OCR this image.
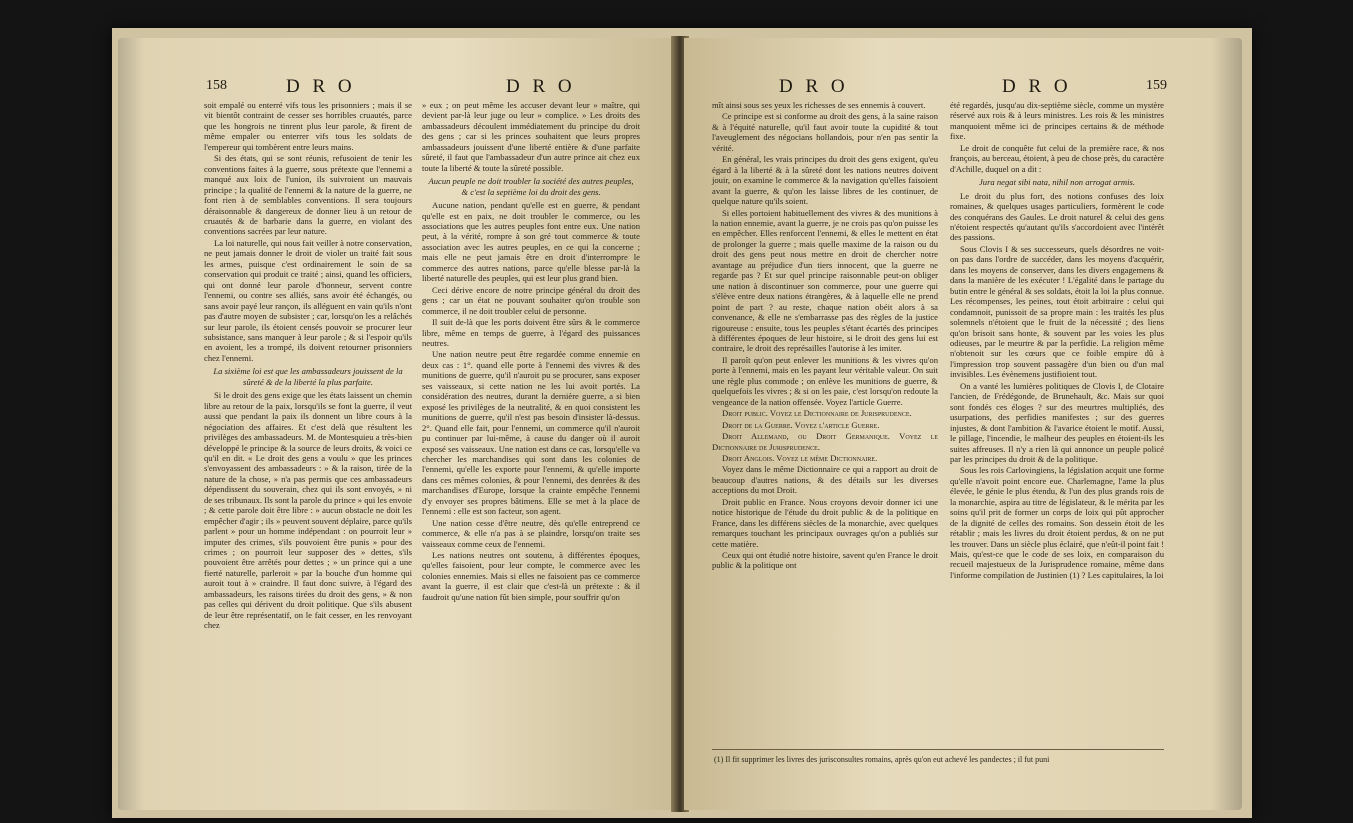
158	D R O	D R O

soit empalé ou enterré vifs tous les prisonniers ; mais il se vit bientôt contraint de cesser ses horribles cruautés, parce que les hongrois ne tinrent plus leur parole, & firent de même empaler ou enterrer vifs tous les soldats de l'empereur qui tombèrent entre leurs mains.

Si des états, qui se sont réunis, refusoient de tenir les conventions faites à la guerre, sous prétexte que l'ennemi a manqué aux loix de l'union, ils suivroient un mauvais principe ; la qualité de l'ennemi & la nature de la guerre, ne font rien à de semblables conventions. Il sera toujours déraisonnable & dangereux de donner lieu à un retour de cruautés & de barbarie dans la guerre, en violant des conventions sacrées par leur nature.

La loi naturelle, qui nous fait veiller à notre conservation, ne peut jamais donner le droit de violer un traité fait sous les armes, puisque c'est ordinairement le soin de sa conservation qui produit ce traité ; ainsi, quand les officiers, qui ont donné leur parole d'honneur, servent contre l'ennemi, ou contre ses alliés, sans avoir été échangés, ou sans avoir payé leur rançon, ils alléguent en vain qu'ils n'ont pas d'autre moyen de subsister ; car, lorsqu'on les a relâchés sur leur parole, ils étoient censés pouvoir se procurer leur subsistance, sans manquer à leur parole ; & si l'espoir qu'ils en avoient, les a trompé, ils doivent retourner prisonniers chez l'ennemi.

La sixième loi est que les ambassadeurs jouissent de la sûreté & de la liberté la plus parfaite.

Si le droit des gens exige que les états laissent un chemin libre au retour de la paix, lorsqu'ils se font la guerre, il veut aussi que pendant la paix ils donnent un libre cours à la négociation des affaires. Et c'est delà que résultent les privilèges des ambassadeurs. M. de Montesquieu a très-bien développé le principe & la source de leurs droits, & voici ce qu'il en dit. « Le droit des gens a voulu » que les princes s'envoyassent des ambassadeurs : » & la raison, tirée de la nature de la chose, » n'a pas permis que ces ambassadeurs dépendissent du souverain, chez qui ils sont envoyés, » ni de ses tribunaux. Ils sont la parole du prince » qui les envoie ; & cette parole doit être libre : » aucun obstacle ne doit les empêcher d'agir ; ils » peuvent souvent déplaire, parce qu'ils parlent » pour un homme indépendant : on pourroit leur » imputer des crimes, s'ils pouvoient être punis » pour des crimes ; on pourroit leur supposer des » dettes, s'ils pouvoient être arrêtés pour dettes ; » un prince qui a une fierté naturelle, parleroit » par la bouche d'un homme qui auroit tout à » craindre. Il faut donc suivre, à l'égard des ambassadeurs, les raisons tirées du droit des gens, » & non pas celles qui dérivent du droit politique. Que s'ils abusent de leur être représentatif, on le fait cesser, en les renvoyant chez

» eux ; on peut même les accuser devant leur » maître, qui devient par-là leur juge ou leur » complice. » Les droits des ambassadeurs découlent immédiatement du principe du droit des gens ; car si les princes souhaitent que leurs propres ambassadeurs jouissent d'une liberté entière & d'une parfaite sûreté, il faut que l'ambassadeur d'un autre prince ait chez eux toute la liberté & toute la sûreté possible.

Aucun peuple ne doit troubler la société des autres peuples, & c'est la septième loi du droit des gens.

Aucune nation, pendant qu'elle est en guerre, & pendant qu'elle est en paix, ne doit troubler le commerce, ou les associations que les autres peuples font entre eux. Une nation peut, à la vérité, rompre à son gré tout commerce & toute association avec les autres peuples, en ce qui la concerne ; mais elle ne peut jamais être en droit d'interrompre le commerce des autres nations, parce qu'elle blesse par-là la liberté naturelle des peuples, qui est leur plus grand bien.

Ceci dérive encore de notre principe général du droit des gens ; car un état ne pouvant souhaiter qu'on trouble son commerce, il ne doit troubler celui de personne.

Il suit de-là que les ports doivent être sûrs & le commerce libre, même en temps de guerre, à l'égard des puissances neutres.

Une nation neutre peut être regardée comme ennemie en deux cas : 1°. quand elle porte à l'ennemi des vivres & des munitions de guerre, qu'il n'auroit pu se procurer, sans exposer ses vaisseaux, si cette nation ne les lui avoit portés. La considération des neutres, durant la dernière guerre, a si bien exposé les privilèges de la neutralité, & en quoi consistent les munitions de guerre, qu'il n'est pas besoin d'insister là-dessus. 2°. Quand elle fait, pour l'ennemi, un commerce qu'il n'auroit pu continuer par lui-même, à cause du danger où il auroit exposé ses vaisseaux. Une nation est dans ce cas, lorsqu'elle va chercher les marchandises qui sont dans les colonies de l'ennemi, qu'elle les exporte pour l'ennemi, & qu'elle importe dans ces mêmes colonies, & pour l'ennemi, des denrées & des marchandises d'Europe, lorsque la crainte empêche l'ennemi d'y envoyer ses propres bâtimens. Elle se met à la place de l'ennemi : elle est son facteur, son agent.

Une nation cesse d'être neutre, dès qu'elle entreprend ce commerce, & elle n'a pas à se plaindre, lorsqu'on traite ses vaisseaux comme ceux de l'ennemi.

Les nations neutres ont soutenu, à différentes époques, qu'elles faisoient, pour leur compte, le commerce avec les colonies ennemies. Mais si elles ne faisoient pas ce commerce avant la guerre, il est clair que c'est-là un prétexte : & il faudroit qu'une nation fût bien simple, pour souffrir qu'on

D R O	D R O	159

mît ainsi sous ses yeux les richesses de ses ennemis à couvert.

Ce principe est si conforme au droit des gens, à la saine raison & à l'équité naturelle, qu'il faut avoir toute la cupidité & tout l'aveuglement des négocians hollandois, pour n'en pas sentir la vérité.

En général, les vrais principes du droit des gens exigent, qu'eu égard à la liberté & à la sûreté dont les nations neutres doivent jouir, on examine le commerce & la navigation qu'elles faisoient avant la guerre, & qu'on les laisse libres de les continuer, de quelque nature qu'ils soient.

Si elles portoient habituellement des vivres & des munitions à la nation ennemie, avant la guerre, je ne crois pas qu'on puisse les en empêcher. Elles renforcent l'ennemi, & elles le mettent en état de prolonger la guerre ; mais quelle maxime de la raison ou du droit des gens peut nous mettre en droit de chercher notre avantage au préjudice d'un tiers innocent, que la guerre ne regarde pas ? Et sur quel principe raisonnable peut-on obliger une nation à discontinuer son commerce, pour une guerre qui s'élève entre deux nations étrangères, & à laquelle elle ne prend point de part ? au reste, chaque nation obéit alors à sa convenance, & elle ne s'embarrasse pas des règles de la justice rigoureuse : ensuite, tous les peuples s'étant écartés des principes à différentes époques de leur histoire, si le droit des gens lui est contraire, le droit des représailles l'autorise à les imiter.

Il paroît qu'on peut enlever les munitions & les vivres qu'on porte à l'ennemi, mais en les payant leur véritable valeur. On suit une règle plus commode ; on enlève les munitions de guerre, & quelquefois les vivres ; & si on les paie, c'est lorsqu'on redoute la vengeance de la nation offensée. Voyez l'article Guerre.

Droit public. Voyez le Dictionnaire de Jurisprudence.

Droit de la Guerre. Voyez l'article Guerre.

Droit Allemand, ou Droit Germanique. Voyez le Dictionnaire de Jurisprudence.

Droit Anglois. Voyez le même Dictionnaire.

Voyez dans le même Dictionnaire ce qui a rapport au droit de beaucoup d'autres nations, & des détails sur les diverses acceptions du mot Droit.

Droit public en France. Nous croyons devoir donner ici une notice historique de l'étude du droit public & de la politique en France, dans les différens siècles de la monarchie, avec quelques remarques touchant les principaux ouvrages qu'on a publiés sur cette matière.

Ceux qui ont étudié notre histoire, savent qu'en France le droit public & la politique ont

été regardés, jusqu'au dix-septième siècle, comme un mystère réservé aux rois & à leurs ministres. Les rois & les ministres manquoient même ici de principes certains & de méthode fixe.

Le droit de conquête fut celui de la première race, & nos françois, au berceau, étoient, à peu de chose près, du caractère d'Achille, duquel on a dit :

Jura negat sibi nata, nihil non arrogat armis.

Le droit du plus fort, des notions confuses des loix romaines, & quelques usages particuliers, formèrent le code des conquérans des Gaules. Le droit naturel & celui des gens n'étoient respectés qu'autant qu'ils s'accordoient avec l'intérêt des passions.

Sous Clovis I & ses successeurs, quels désordres ne voit-on pas dans l'ordre de succéder, dans les moyens d'acquérir, dans les moyens de conserver, dans les divers engagemens & dans la manière de les exécuter ! L'égalité dans le partage du butin entre le général & ses soldats, étoit la loi la plus connue. Les récompenses, les peines, tout étoit arbitraire : celui qui condamnoit, punissoit de sa propre main : les traités les plus solemnels n'étoient que le fruit de la nécessité ; des liens qu'on brisoit sans honte, & souvent par les voies les plus odieuses, par le meurtre & par la perfidie. La religion même n'obtenoit sur les cœurs que ce foible empire dû à l'impression trop souvent passagère d'un bien ou d'un mal invisibles. Les évènemens justifioient tout.

On a vanté les lumières politiques de Clovis I, de Clotaire l'ancien, de Frédégonde, de Brunehault, &c. Mais sur quoi sont fondés ces éloges ? sur des meurtres multipliés, des usurpations, des perfidies manifestes ; sur des guerres injustes, & dont l'ambition & l'avarice étoient le motif. Aussi, le pillage, l'incendie, le malheur des peuples en étoient-ils les suites affreuses. Il n'y a rien là qui annonce un peuple policé par les principes du droit & de la politique.

Sous les rois Carlovingiens, la législation acquit une forme qu'elle n'avoit point encore eue. Charlemagne, l'ame la plus élevée, le génie le plus étendu, & l'un des plus grands rois de la monarchie, aspira au titre de législateur, & le mérita par les soins qu'il prit de former un corps de loix qui pût approcher de la dignité de celles des romains. Son dessein étoit de les rétablir ; mais les livres du droit étoient perdus, & on ne put les trouver. Dans un siècle plus éclairé, que n'eût-il point fait ! Mais, qu'est-ce que le code de ses loix, en comparaison du recueil majestueux de la Jurisprudence romaine, même dans l'informe compilation de Justinien (1) ? Les capitulaires, la loi

(1) Il fit supprimer les livres des jurisconsultes romains, après qu'on eut achevé les pandectes ; il fut puni
